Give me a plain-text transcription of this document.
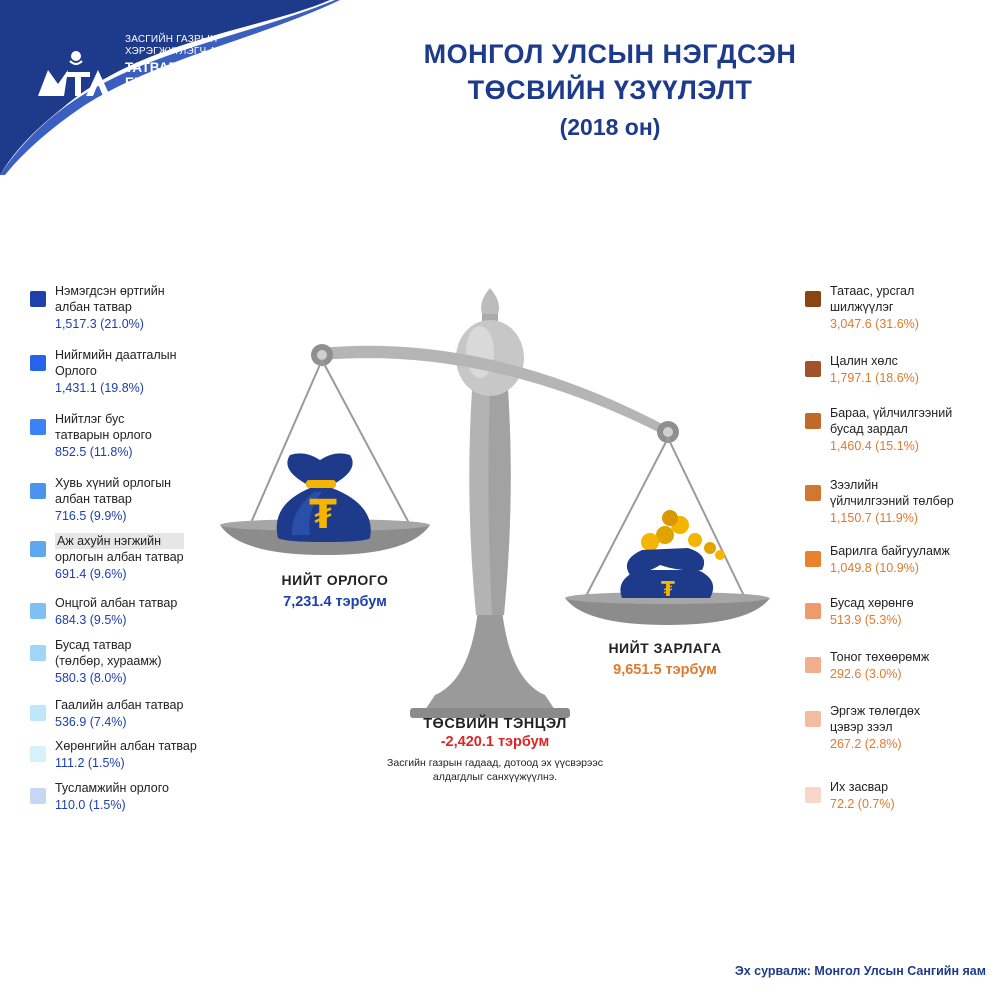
ЗАСГИЙН ГАЗРЫН
ХЭРЭГЖҮҮЛЭГЧ АГЕНТЛАГ
ТАТВАРЫН
ЕРӨНХИЙ ГАЗАР
МОНГОЛ УЛСЫН НЭГДСЭН
ТӨСВИЙН ҮЗҮҮЛЭЛТ
(2018 он)
Нэмэгдсэн өртгийн
албан татвар
1,517.3 (21.0%)
Нийгмийн даатгалын
Орлого
1,431.1 (19.8%)
Нийтлэг бус
татварын орлого
852.5 (11.8%)
Хувь хүний орлогын
албан татвар
716.5 (9.9%)
Аж ахуйн нэгжийн
орлогын албан татвар
691.4 (9.6%)
Онцгой албан татвар
684.3 (9.5%)
Бусад татвар
(төлбөр, хураамж)
580.3 (8.0%)
Гаалийн албан татвар
536.9 (7.4%)
Хөрөнгийн албан татвар
111.2 (1.5%)
Тусламжийн орлого
110.0 (1.5%)
Татаас, урсгал
шилжүүлэг
3,047.6 (31.6%)
Цалин хөлс
1,797.1 (18.6%)
Бараа, үйлчилгээний
бусад зардал
1,460.4 (15.1%)
Зээлийн
үйлчилгээний төлбөр
1,150.7 (11.9%)
Барилга байгууламж
1,049.8 (10.9%)
Бусад хөрөнгө
513.9 (5.3%)
Тоног төхөөрөмж
292.6 (3.0%)
Эргэж төлөгдөх
цэвэр зээл
267.2 (2.8%)
Их засвар
72.2 (0.7%)
₮
₮
НИЙТ ОРЛОГО
7,231.4 тэрбум
НИЙТ ЗАРЛАГА
9,651.5 тэрбум
ТӨСВИЙН ТЭНЦЭЛ
-2,420.1 тэрбум
Засгийн газрын гадаад, дотоод эх үүсвэрээс
алдагдлыг санхүүжүүлнэ.
Эх сурвалж: Монгол Улсын Сангийн яам
